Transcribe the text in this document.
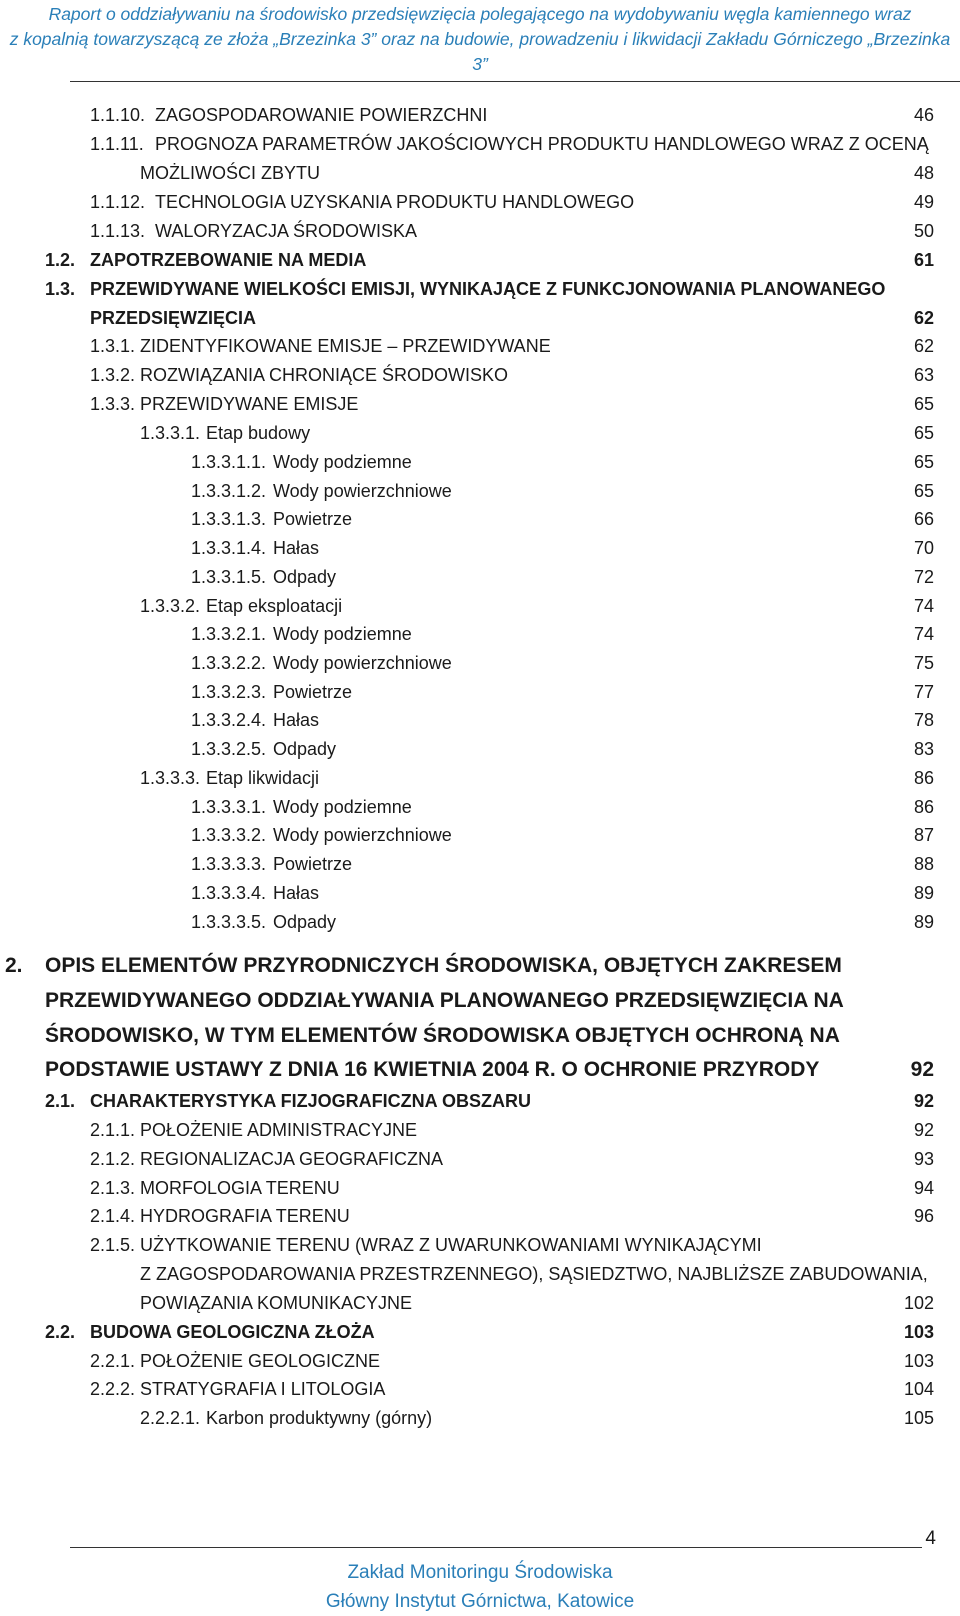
Raport o oddziaływaniu na środowisko przedsięwzięcia polegającego na wydobywaniu węgla kamiennego wraz
z kopalnią towarzyszącą ze złoża „Brzezinka 3” oraz na budowie, prowadzeniu i likwidacji Zakładu Górniczego „Brzezinka 3”
1.1.10. ZAGOSPODAROWANIE POWIERZCHNI	46
1.1.11. PROGNOZA PARAMETRÓW JAKOŚCIOWYCH PRODUKTU HANDLOWEGO WRAZ Z OCENĄ
MOŻLIWOŚCI ZBYTU	48
1.1.12. TECHNOLOGIA UZYSKANIA PRODUKTU HANDLOWEGO	49
1.1.13. WALORYZACJA ŚRODOWISKA	50
1.2. ZAPOTRZEBOWANIE NA MEDIA	61
1.3. PRZEWIDYWANE WIELKOŚCI EMISJI, WYNIKAJĄCE Z FUNKCJONOWANIA PLANOWANEGO
PRZEDSIĘWZIĘCIA	62
1.3.1. ZIDENTYFIKOWANE EMISJE – PRZEWIDYWANE	62
1.3.2. ROZWIĄZANIA CHRONIĄCE ŚRODOWISKO	63
1.3.3. PRZEWIDYWANE EMISJE	65
1.3.3.1. Etap budowy	65
1.3.3.1.1. Wody podziemne	65
1.3.3.1.2. Wody powierzchniowe	65
1.3.3.1.3. Powietrze	66
1.3.3.1.4. Hałas	70
1.3.3.1.5. Odpady	72
1.3.3.2. Etap eksploatacji	74
1.3.3.2.1. Wody podziemne	74
1.3.3.2.2. Wody powierzchniowe	75
1.3.3.2.3. Powietrze	77
1.3.3.2.4. Hałas	78
1.3.3.2.5. Odpady	83
1.3.3.3. Etap likwidacji	86
1.3.3.3.1. Wody podziemne	86
1.3.3.3.2. Wody powierzchniowe	87
1.3.3.3.3. Powietrze	88
1.3.3.3.4. Hałas	89
1.3.3.3.5. Odpady	89
2. OPIS ELEMENTÓW PRZYRODNICZYCH ŚRODOWISKA, OBJĘTYCH ZAKRESEM
PRZEWIDYWANEGO ODDZIAŁYWANIA PLANOWANEGO PRZEDSIĘWZIĘCIA NA
ŚRODOWISKO, W TYM ELEMENTÓW ŚRODOWISKA OBJĘTYCH OCHRONĄ NA
PODSTAWIE USTAWY Z DNIA 16 KWIETNIA 2004 R. O OCHRONIE PRZYRODY	92
2.1. CHARAKTERYSTYKA FIZJOGRAFICZNA OBSZARU	92
2.1.1. POŁOŻENIE ADMINISTRACYJNE	92
2.1.2. REGIONALIZACJA GEOGRAFICZNA	93
2.1.3. MORFOLOGIA TERENU	94
2.1.4. HYDROGRAFIA TERENU	96
2.1.5. UŻYTKOWANIE TERENU (WRAZ Z UWARUNKOWANIAMI WYNIKAJĄCYMI
Z ZAGOSPODAROWANIA PRZESTRZENNEGO), SĄSIEDZTWO, NAJBLIŻSZE ZABUDOWANIA,
POWIĄZANIA KOMUNIKACYJNE	102
2.2. BUDOWA GEOLOGICZNA ZŁOŻA	103
2.2.1. POŁOŻENIE GEOLOGICZNE	103
2.2.2. STRATYGRAFIA I LITOLOGIA	104
2.2.2.1. Karbon produktywny (górny)	105
4
Zakład Monitoringu Środowiska
Główny Instytut Górnictwa, Katowice
